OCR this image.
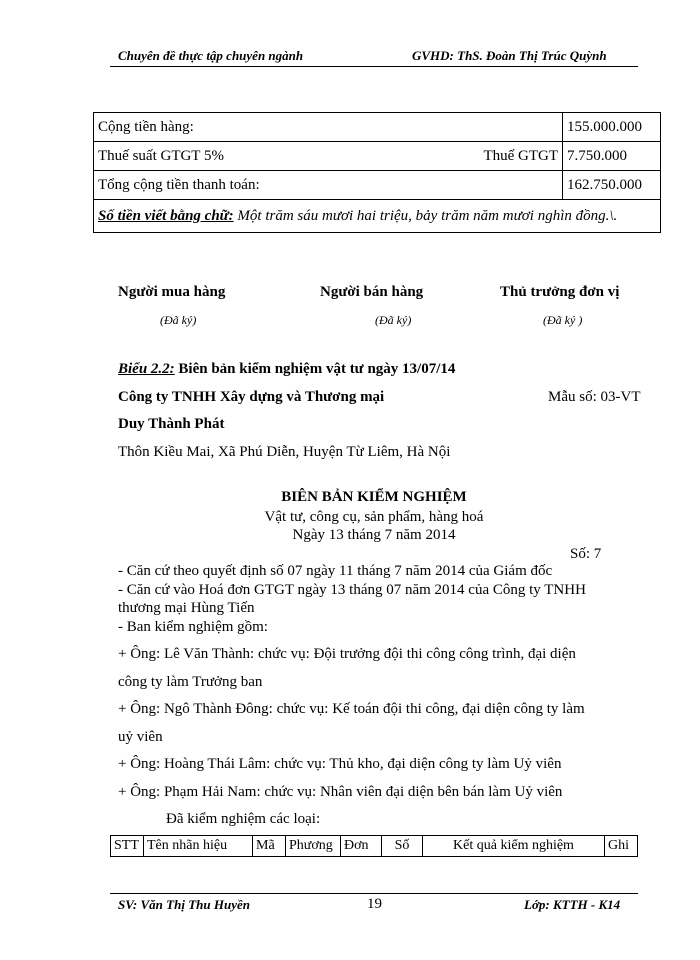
Chuyên đề thực tập chuyên ngành	GVHD: ThS. Đoàn Thị Trúc Quỳnh
Cộng tiền hàng:	155.000.000
Thuế suất GTGT 5% Thuế GTGT	7.750.000
Tổng cộng tiền thanh toán:	162.750.000
Số tiền viết bằng chữ: Một trăm sáu mươi hai triệu, bảy trăm năm mươi nghìn đồng.\.	
Người mua hàng	Người bán hàng	Thủ trưởng đơn vị
(Đã ký)	(Đã ký)	(Đã ký )
Biểu 2.2: Biên bản kiểm nghiệm vật tư ngày 13/07/14
Công ty TNHH Xây dựng và Thương mại	Mẫu số: 03-VT
Duy Thành Phát
Thôn Kiều Mai, Xã Phú Diễn, Huyện Từ Liêm, Hà Nội
BIÊN BẢN KIỂM NGHIỆM
Vật tư, công cụ, sản phẩm, hàng hoá
Ngày 13 tháng 7 năm 2014
Số: 7
- Căn cứ theo quyết định số 07 ngày 11 tháng 7 năm 2014 của Giám đốc
- Căn cứ vào Hoá đơn GTGT ngày 13 tháng 07 năm 2014 của Công ty TNHH
thương mại Hùng Tiến
- Ban kiểm nghiệm gồm:
+ Ông: Lê Văn Thành: chức vụ: Đội trưởng đội thi công công trình, đại diện
công ty làm Trưởng ban
+ Ông: Ngô Thành Đông: chức vụ: Kế toán đội thi công, đại diện công ty làm
uỷ viên
+ Ông: Hoàng Thái Lâm: chức vụ: Thủ kho, đại diện công ty làm Uỷ viên
+ Ông: Phạm Hải Nam: chức vụ: Nhân viên đại diện bên bán làm Uỷ viên
Đã kiểm nghiệm các loại:
STT	Tên nhãn hiệu	Mã	Phương	Đơn	Số	Kết quả kiểm nghiệm	Ghi
SV: Văn Thị Thu Huyền	19	Lớp: KTTH - K14
